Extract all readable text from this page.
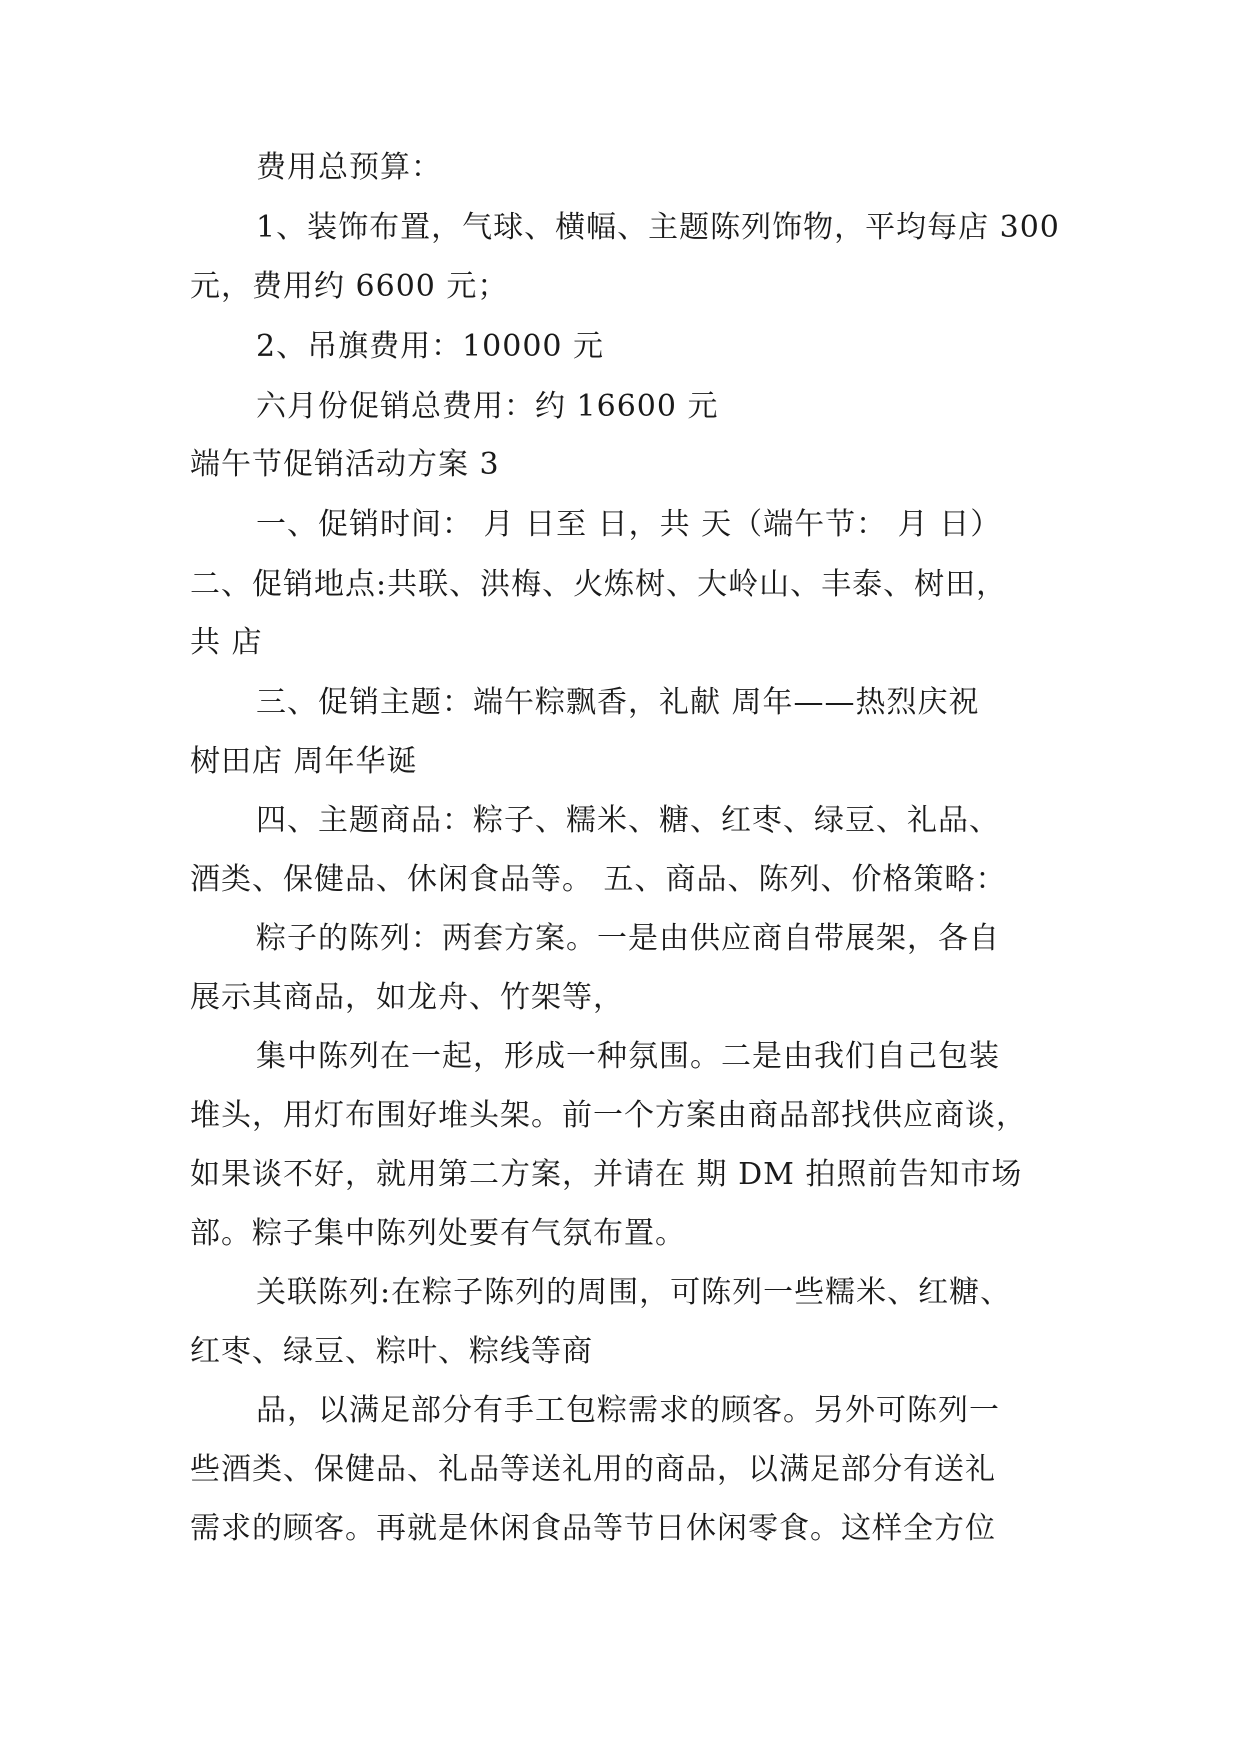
费用总预算：
1、装饰布置，气球、横幅、主题陈列饰物，平均每店 300
元，费用约 6600 元；
2、吊旗费用：10000 元
六月份促销总费用：约 16600 元
端午节促销活动方案 3
一、促销时间： 月 日至 日，共 天（端午节： 月 日）
二、促销地点:共联、洪梅、火炼树、大岭山、丰泰、树田，
共 店
三、促销主题：端午粽飘香，礼献 周年——热烈庆祝
树田店 周年华诞
四、主题商品：粽子、糯米、糖、红枣、绿豆、礼品、
酒类、保健品、休闲食品等。 五、商品、陈列、价格策略：
粽子的陈列：两套方案。一是由供应商自带展架，各自
展示其商品，如龙舟、竹架等，
集中陈列在一起，形成一种氛围。二是由我们自己包装
堆头，用灯布围好堆头架。前一个方案由商品部找供应商谈，
如果谈不好，就用第二方案，并请在 期 DM 拍照前告知市场
部。粽子集中陈列处要有气氛布置。
关联陈列:在粽子陈列的周围，可陈列一些糯米、红糖、
红枣、绿豆、粽叶、粽线等商
品，以满足部分有手工包粽需求的顾客。另外可陈列一
些酒类、保健品、礼品等送礼用的商品，以满足部分有送礼
需求的顾客。再就是休闲食品等节日休闲零食。这样全方位
